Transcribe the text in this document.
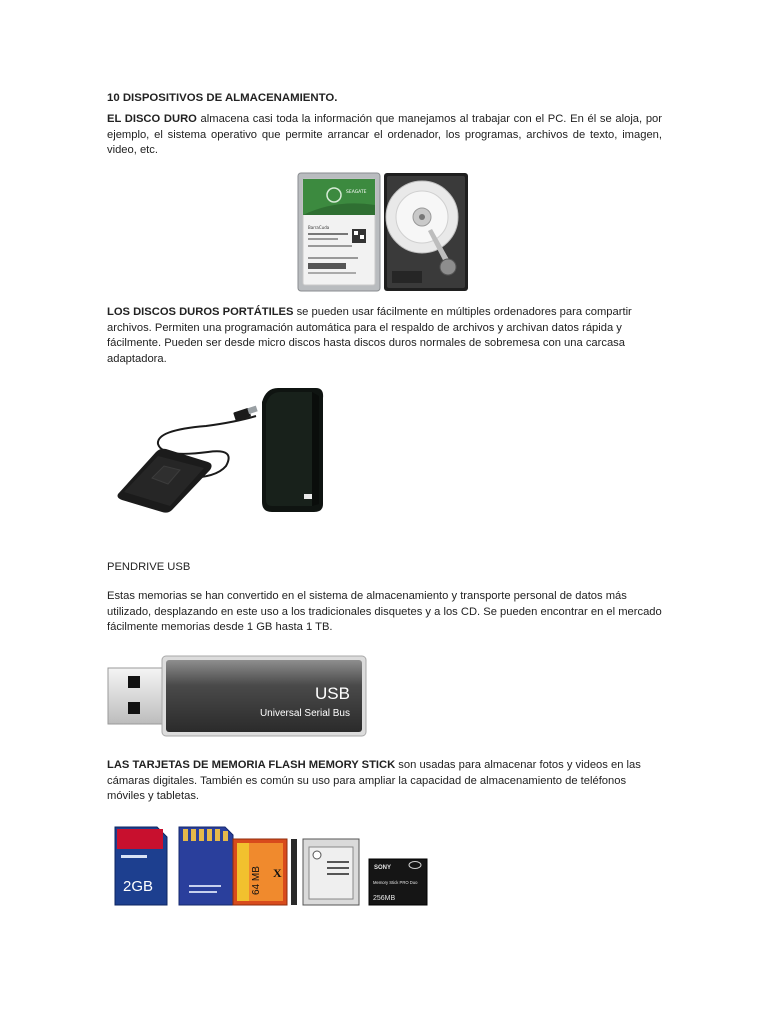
10 DISPOSITIVOS DE ALMACENAMIENTO.
EL DISCO DURO almacena casi toda la información que manejamos al trabajar con el PC. En él se aloja, por ejemplo, el sistema operativo que permite arrancar el ordenador, los programas, archivos de texto, imagen, video, etc.
SEAGATE
BarraCuda
LOS DISCOS DUROS PORTÁTILES se pueden usar fácilmente en múltiples ordenadores para compartir archivos. Permiten una programación automática para el respaldo de archivos y archivan datos rápida y fácilmente. Pueden ser desde micro discos hasta discos duros normales de sobremesa con una carcasa adaptadora.
PENDRIVE USB
Estas memorias se han convertido en el sistema de almacenamiento y transporte personal de datos más utilizado, desplazando en este uso a los tradicionales disquetes y a los CD. Se pueden encontrar en el mercado fácilmente memorias desde 1 GB hasta 1 TB.
USB
Universal Serial Bus
LAS TARJETAS DE MEMORIA FLASH MEMORY STICK son usadas para almacenar fotos y videos en las cámaras digitales. También es común su uso para ampliar la capacidad de almacenamiento de teléfonos móviles y tabletas.
2GB	64 MB X	SONY
Memory Stick PRO Duo
256MB
